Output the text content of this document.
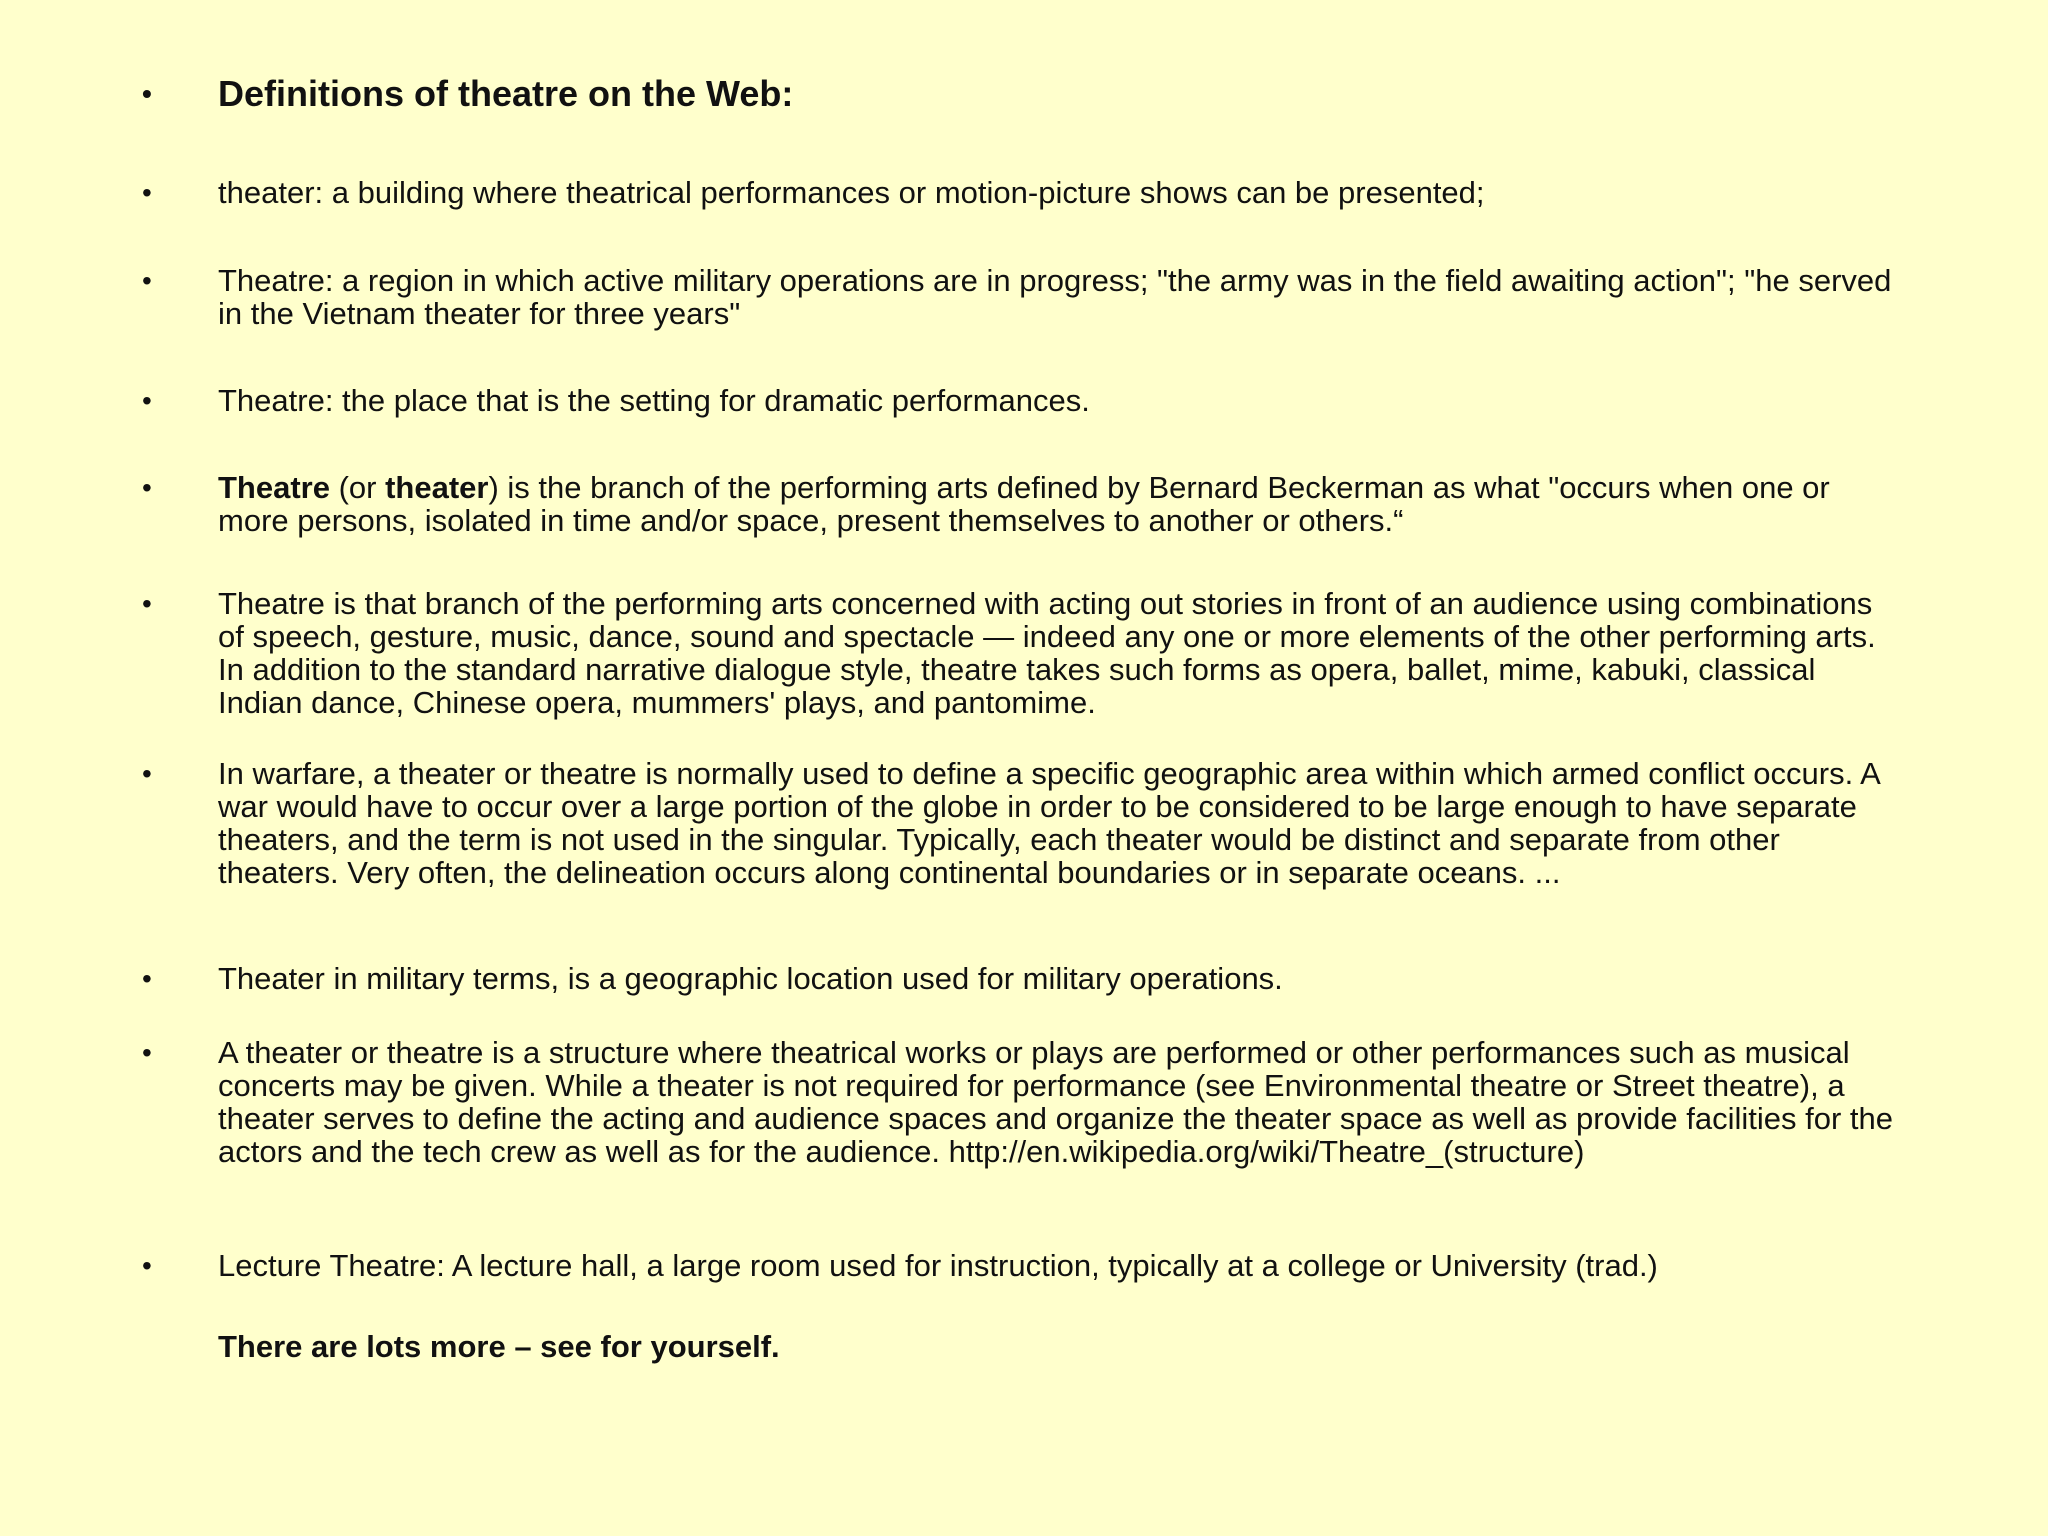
• Definitions of theatre on the Web:
•	theater: a building where theatrical performances or motion-picture shows can be presented;
•	Theatre: a region in which active military operations are in progress; "the army was in the field awaiting action"; "he served in the Vietnam theater for three years"
•	Theatre: the place that is the setting for dramatic performances.
•	Theatre (or theater) is the branch of the performing arts defined by Bernard Beckerman as what "occurs when one or more persons, isolated in time and/or space, present themselves to another or others.“
•	Theatre is that branch of the performing arts concerned with acting out stories in front of an audience using combinations of speech, gesture, music, dance, sound and spectacle — indeed any one or more elements of the other performing arts. In addition to the standard narrative dialogue style, theatre takes such forms as opera, ballet, mime, kabuki, classical Indian dance, Chinese opera, mummers' plays, and pantomime.
•	In warfare, a theater or theatre is normally used to define a specific geographic area within which armed conflict occurs. A war would have to occur over a large portion of the globe in order to be considered to be large enough to have separate theaters, and the term is not used in the singular. Typically, each theater would be distinct and separate from other theaters. Very often, the delineation occurs along continental boundaries or in separate oceans. ...
•	Theater in military terms, is a geographic location used for military operations.
•	A theater or theatre is a structure where theatrical works or plays are performed or other performances such as musical concerts may be given. While a theater is not required for performance (see Environmental theatre or Street theatre), a theater serves to define the acting and audience spaces and organize the theater space as well as provide facilities for the actors and the tech crew as well as for the audience. http://en.wikipedia.org/wiki/Theatre_(structure)
•	Lecture Theatre: A lecture hall, a large room used for instruction, typically at a college or University (trad.)
There are lots more – see for yourself.
